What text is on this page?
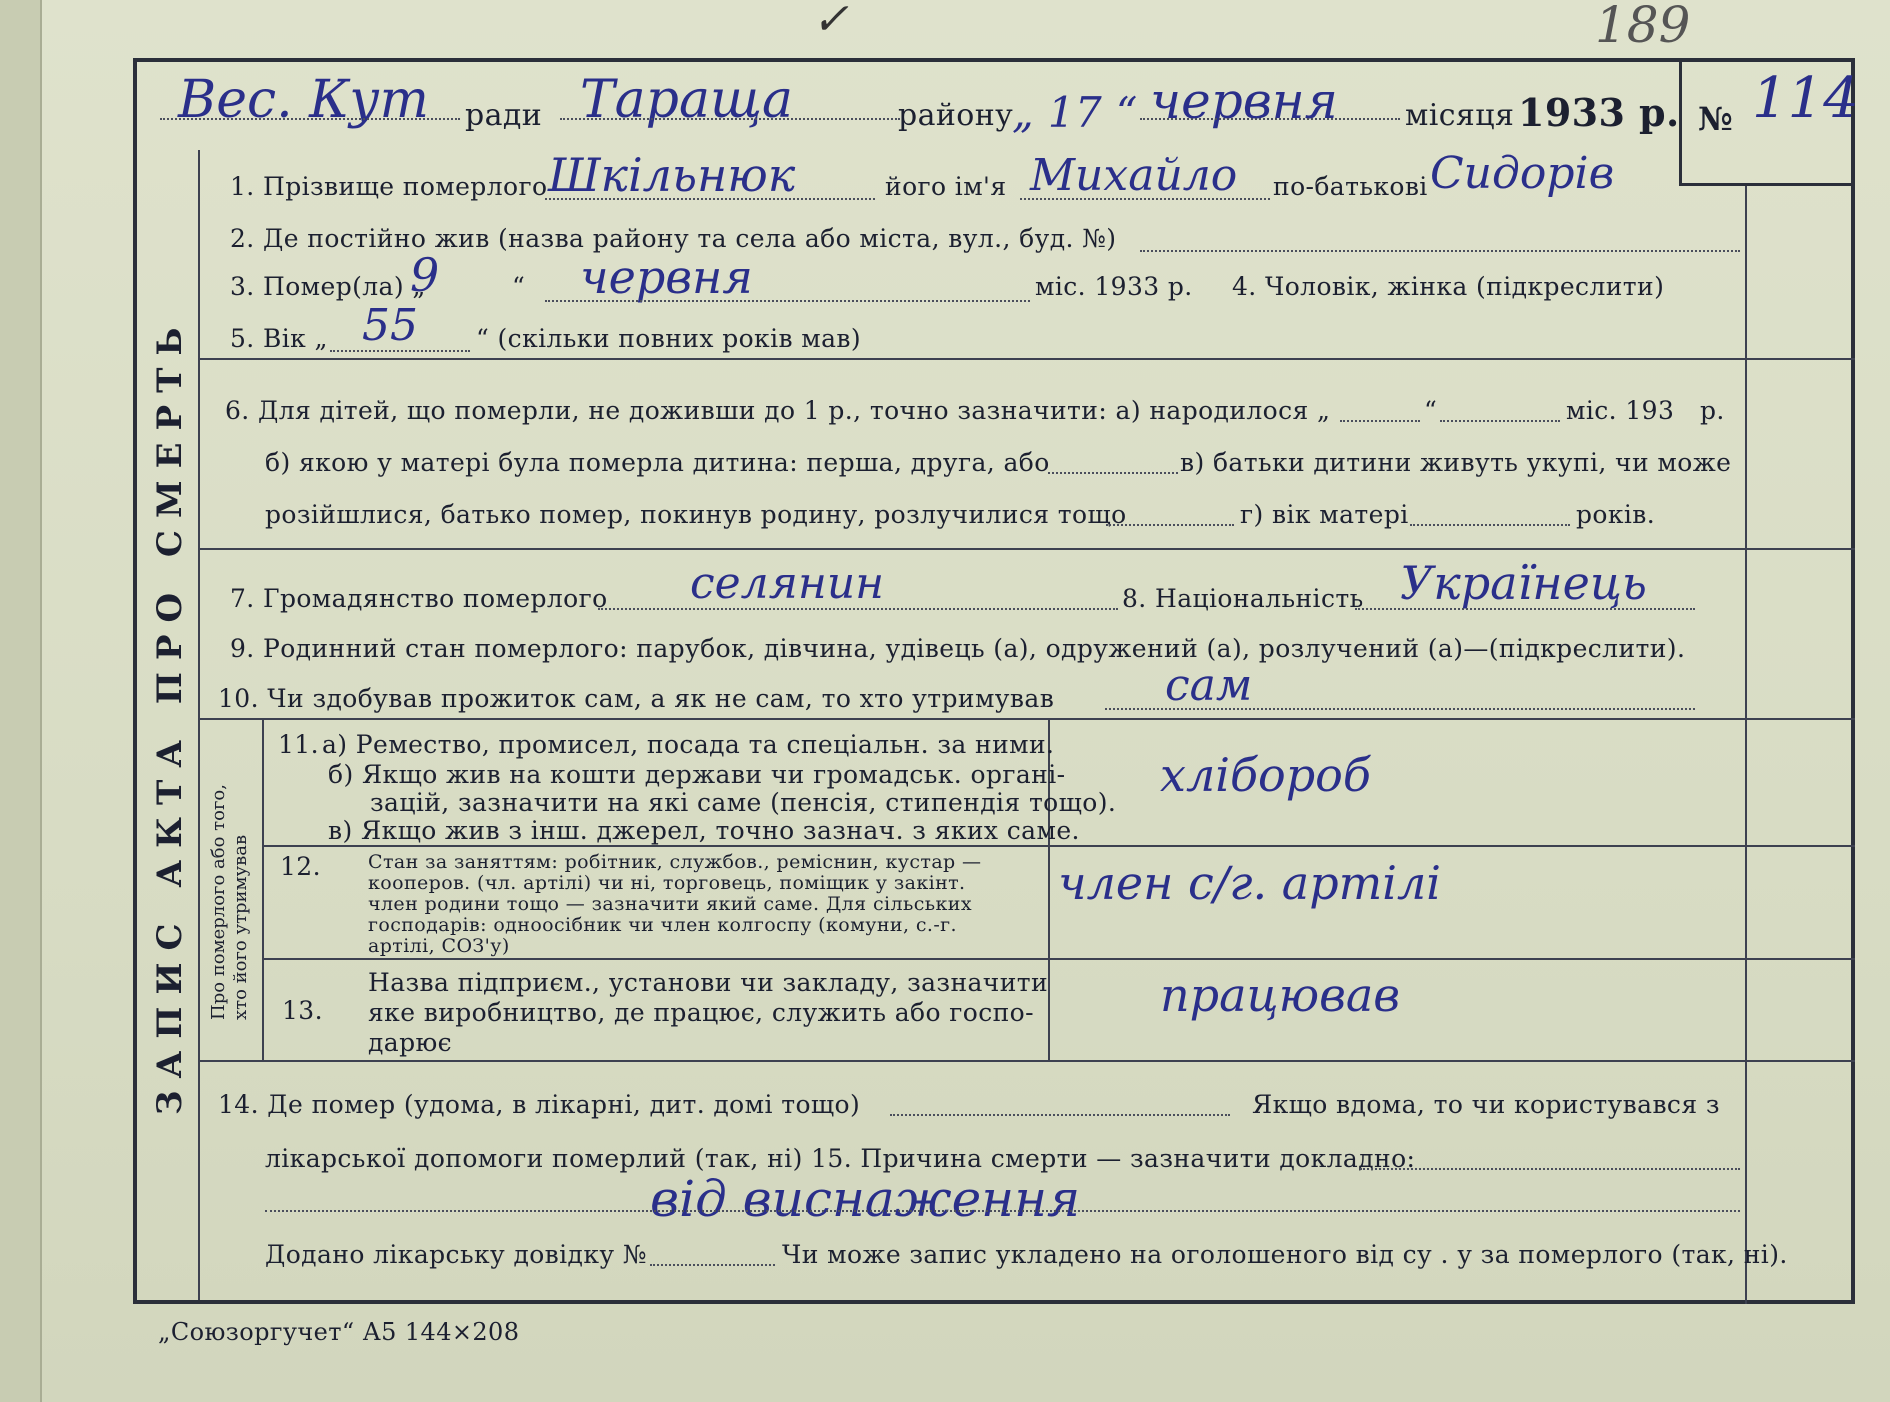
✓	189
Вес. Кут ради Тараща	району
„ 17 “ червня місяця 1933 р. № 114
ЗАПИС АКТА ПРО СМЕРТЬ Про померлого або того, хто його утримував
1. Прізвище померлого Шкільнюк	його ім'я Михайло по-батькові Сидорів
2. Де постійно жив (назва району та села або міста, вул., буд. №)
3. Помер(ла) „
9	“ червня	міс. 1933 р. 4. Чоловік, жінка (підкреслити)
5. Вік „ 55 “ (скільки повних років мав)
6. Для дітей, що померли, не доживши до 1 р., точно зазначити: а) народилося „	“	міс. 193 р.
б) якою у матері була померла дитина: перша, друга, або	в) батьки дитини живуть укупі, чи може
розійшлися, батько помер, покинув родину, розлучилися тощо	г) вік матері	років.
7. Громадянство померлого селянин	8. Національність Українець
9. Родинний стан померлого: парубок, дівчина, удівець (а), одружений (а), розлучений (а)—(підкреслити).
10. Чи здобував прожиток сам, а як не сам, то хто утримував	сам
11. а) Ремество, промисел, посада та спеціальн. за ними.
б) Якщо жив на кошти держави чи громадськ. органі-
зацій, зазначити на які саме (пенсія, стипендія тощо).
в) Якщо жив з інш. джерел, точно зазнач. з яких саме.
хлібороб
12. Стан за заняттям: робітник, службов., реміснин, кустар —
кооперов. (чл. артілі) чи ні, торговець, поміщик у закінт.
член родини тощо — зазначити який саме. Для сільських
господарів: одноосібник чи член колгоспу (комуни, с.-г.
артілі, СОЗ'у)
член с/г. артілі
13.
Назва підприєм., установи чи закладу, зазначити
яке виробництво, де працює, служить або госпо-
дарює
працював
14. Де помер (удома, в лікарні, дит. домі тощо)	Якщо вдома, то чи користувався з
лікарської допомоги померлий (так, ні) 15. Причина смерти — зазначити докладно:
від виснаження
Додано лікарську довідку №	Чи може запис укладено на оголошеного від су . у за померлого (так, ні).
„Союзоргучет“ А5 144×208
